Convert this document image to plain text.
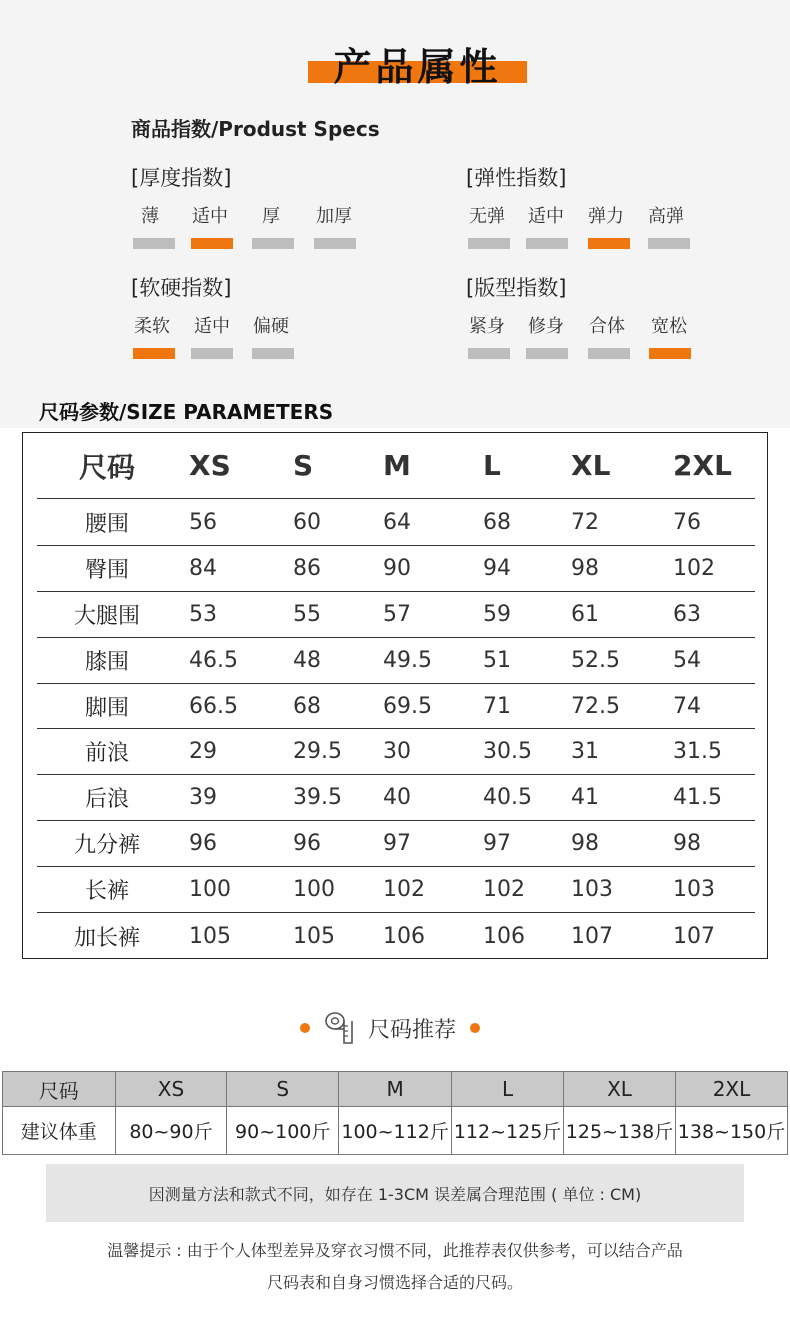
产品属性
商品指数/Produst Specs
[厚度指数]
薄	适中	厚	加厚
[弹性指数]
无弹 适中 弹力 高弹
[软硬指数]
柔软 适中 偏硬
[版型指数]
紧身 修身 合体 宽松
尺码参数/SIZE PARAMETERS
尺码	XS S M	L	XL 2XL
腰围	56	60	64	68	72	76
臀围	84	86	90	94	98	102
大腿围	53	55	57	59	61	63
膝围	46.5	48	49.5 51	52.5 54
脚围	66.5	68	69.5 71	72.5 74
前浪	29	29.5 30	30.5 31	31.5
后浪	39	39.5 40	40.5 41	41.5
九分裤	96	96	97	97	98	98
长裤	100	100 102	102 103	103
加长裤	105	105 106	106 107	107
尺码推荐
尺码	XS	S	M	L	XL	2XL
建议体重	80~90斤	90~100斤	100~112斤	112~125斤	125~138斤	138~150斤
因测量方法和款式不同，如存在 1-3CM 误差属合理范围 ( 单位 : CM)
温馨提示 : 由于个人体型差异及穿衣习惯不同，此推荐表仅供参考，可以结合产品
尺码表和自身习惯选择合适的尺码。
